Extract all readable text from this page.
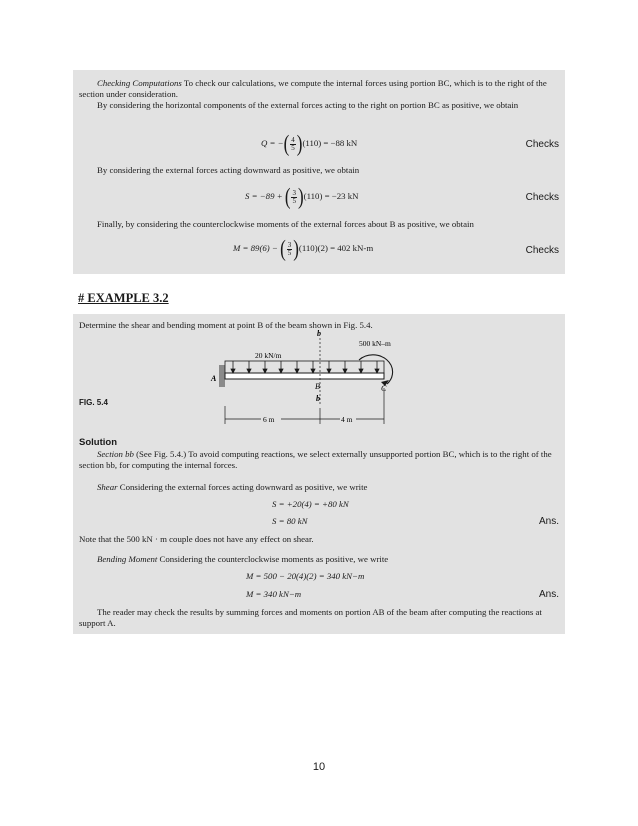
Checking Computations To check our calculations, we compute the internal forces using portion BC, which is to the right of the section under consideration.
By considering the horizontal components of the external forces acting to the right on portion BC as positive, we obtain
Q = −( $\frac{4}{5} )(110) = -88$ kN	Checks
By considering the external forces acting downward as positive, we obtain
S = −89 + ( $\frac{3}{5} )(110) = -23$ kN	Checks
Finally, by considering the counterclockwise moments of the external forces about B as positive, we obtain
M = 89(6) − ( $\frac{3}{5} )(110)(2) = 402$ kN-m	Checks
# EXAMPLE 3.2
Determine the shear and bending moment at point B of the beam shown in Fig. 5.4.
A
B	C
b
b
20 kN/m
500 kN–m
6 m	4 m
FIG. 5.4
Solution
Section bb (See Fig. 5.4.) To avoid computing reactions, we select externally unsupported portion BC, which is to the right of the section bb, for computing the internal forces.
Shear Considering the external forces acting downward as positive, we write
S = +20(4) = +80 kN
S = 80 kN	Ans.
Note that the 500 kN · m couple does not have any effect on shear.
Bending Moment Considering the counterclockwise moments as positive, we write
M = 500 − 20(4)(2) = 340 kN−m
M = 340 kN−m	Ans.
The reader may check the results by summing forces and moments on portion AB of the beam after computing the reactions at support A.
10
